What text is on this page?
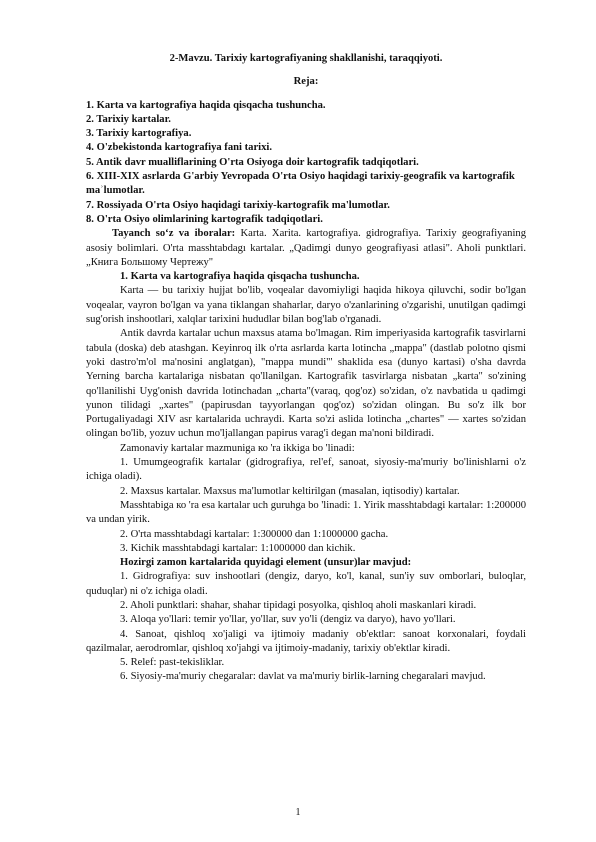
2-Mavzu. Tarixiy kartografiyaning shakllanishi, taraqqiyoti.

Reja:

1. Karta va kartografiya haqida qisqacha tushuncha.

2. Tarixiy kartalar.

3. Tarixiy kartografiya.

4. O'zbekistonda kartografiya fani tarixi.

5. Antik davr mualliflarining O'rta Osiyoga doir kartografik tadqiqotlari.

6. XIII-XIX asrlarda G'arbiy Yevropada O'rta Osiyo haqidagi tarixiy-geografik va kartografik maʾlumotlar.

7. Rossiyada O'rta Osiyo haqidagi tarixiy-kartografik ma'lumotlar.

8. O'rta Osiyo olimlarining kartografik tadqiqotlari.

Tayanch so‘z va iboralar: Karta. Xarita. kartografiya. gidrografiya. Tarixiy geografiyaning asosiy bolimlari. O'rta masshtabdagı kartalar. „Qadimgi dunyo geografiyasi atlasi". Aholi punktlari. „Книга Большому Чертежу"

1. Karta va kartografiya haqida qisqacha tushuncha.

Karta — bu tarixiy hujjat bo'lib, voqealar davomiyligi haqida hikoya qiluvchi, sodir bo'lgan voqealar, vayron bo'lgan va yana tiklangan shaharlar, daryo o'zanlarining o'zgarishi, unutilgan qadimgi sug'orish inshootlari, xalqlar tarixini hududlar bilan bog'lab o'rganadi.

Antik davrda kartalar uchun maxsus atama bo'lmagan. Rim imperiyasida kartografik tasvirlarni tabula (doska) deb atashgan. Keyinroq ilk o'rta asrlarda karta lotincha „mappa" (dastlab polotno qismi yoki dastro'm'ol ma'nosini anglatgan), "mappa mundi"' shaklida esa (dunyo kartasi) o'sha davrda Yerning barcha kartalariga nisbatan qo'llanilgan. Kartografik tasvirlarga nisbatan „karta" so'zining qo'llanilishi Uyg'onish davrida lotinchadan „charta"(varaq, qog'oz) so'zidan, o'z navbatida u qadimgi yunon tilidagi „xartes" (papirusdan tayyorlangan qog'oz) so'zidan olingan. Bu so'z ilk bor Portugaliyadagi XIV asr kartalarida uchraydi. Karta so'zi aslida lotincha „chartes" — xartes so'zidan olingan bo'lib, yozuv uchun mo'ljallangan papirus varag'i degan ma'noni bildiradi.

Zamonaviy kartalar mazmuniga ко 'ra ikkiga bo 'linadi:

1. Umumgeografik kartalar (gidrografiya, rel'ef, sanoat, siyosiy-ma'muriy bo'linishlarni o'z ichiga oladi).

2. Maxsus kartalar. Maxsus ma'lumotlar keltirilgan (masalan, iqtisodiy) kartalar.

Masshtabiga ко 'ra esa kartalar uch guruhga bo 'linadi: 1. Yirik masshtabdagi kartalar: 1:200000 va undan yirik.

2. O'rta masshtabdagi kartalar: 1:300000 dan 1:1000000 gacha.

3. Kichik masshtabdagi kartalar: 1:1000000 dan kichik.

Hozirgi zamon kartalarida quyidagi element (unsur)lar mavjud:

1. Gidrografiya: suv inshootlari (dengiz, daryo, ko'l, kanal, sun'iy suv omborlari, buloqlar, quduqlar) ni o'z ichiga oladi.

2. Aholi punktlari: shahar, shahar tipidagi posyolka, qishloq aholi maskanlari kiradi.

3. Aloqa yo'llari: temir yo'llar, yo'llar, suv yo'li (dengiz va daryo), havo yo'llari.

4. Sanoat, qishloq xo'jaligi va ijtimoiy madaniy ob'ektlar: sanoat korxonalari, foydali qazilmalar, aerodromlar, qishloq xo'jahgi va ijtimoiy-madaniy, tarixiy ob'ektlar kiradi.

5. Relef: past-tekisliklar.

6. Siyosiy-ma'muriy chegaralar: davlat va ma'muriy birlik-larning chegaralari mavjud.

1
